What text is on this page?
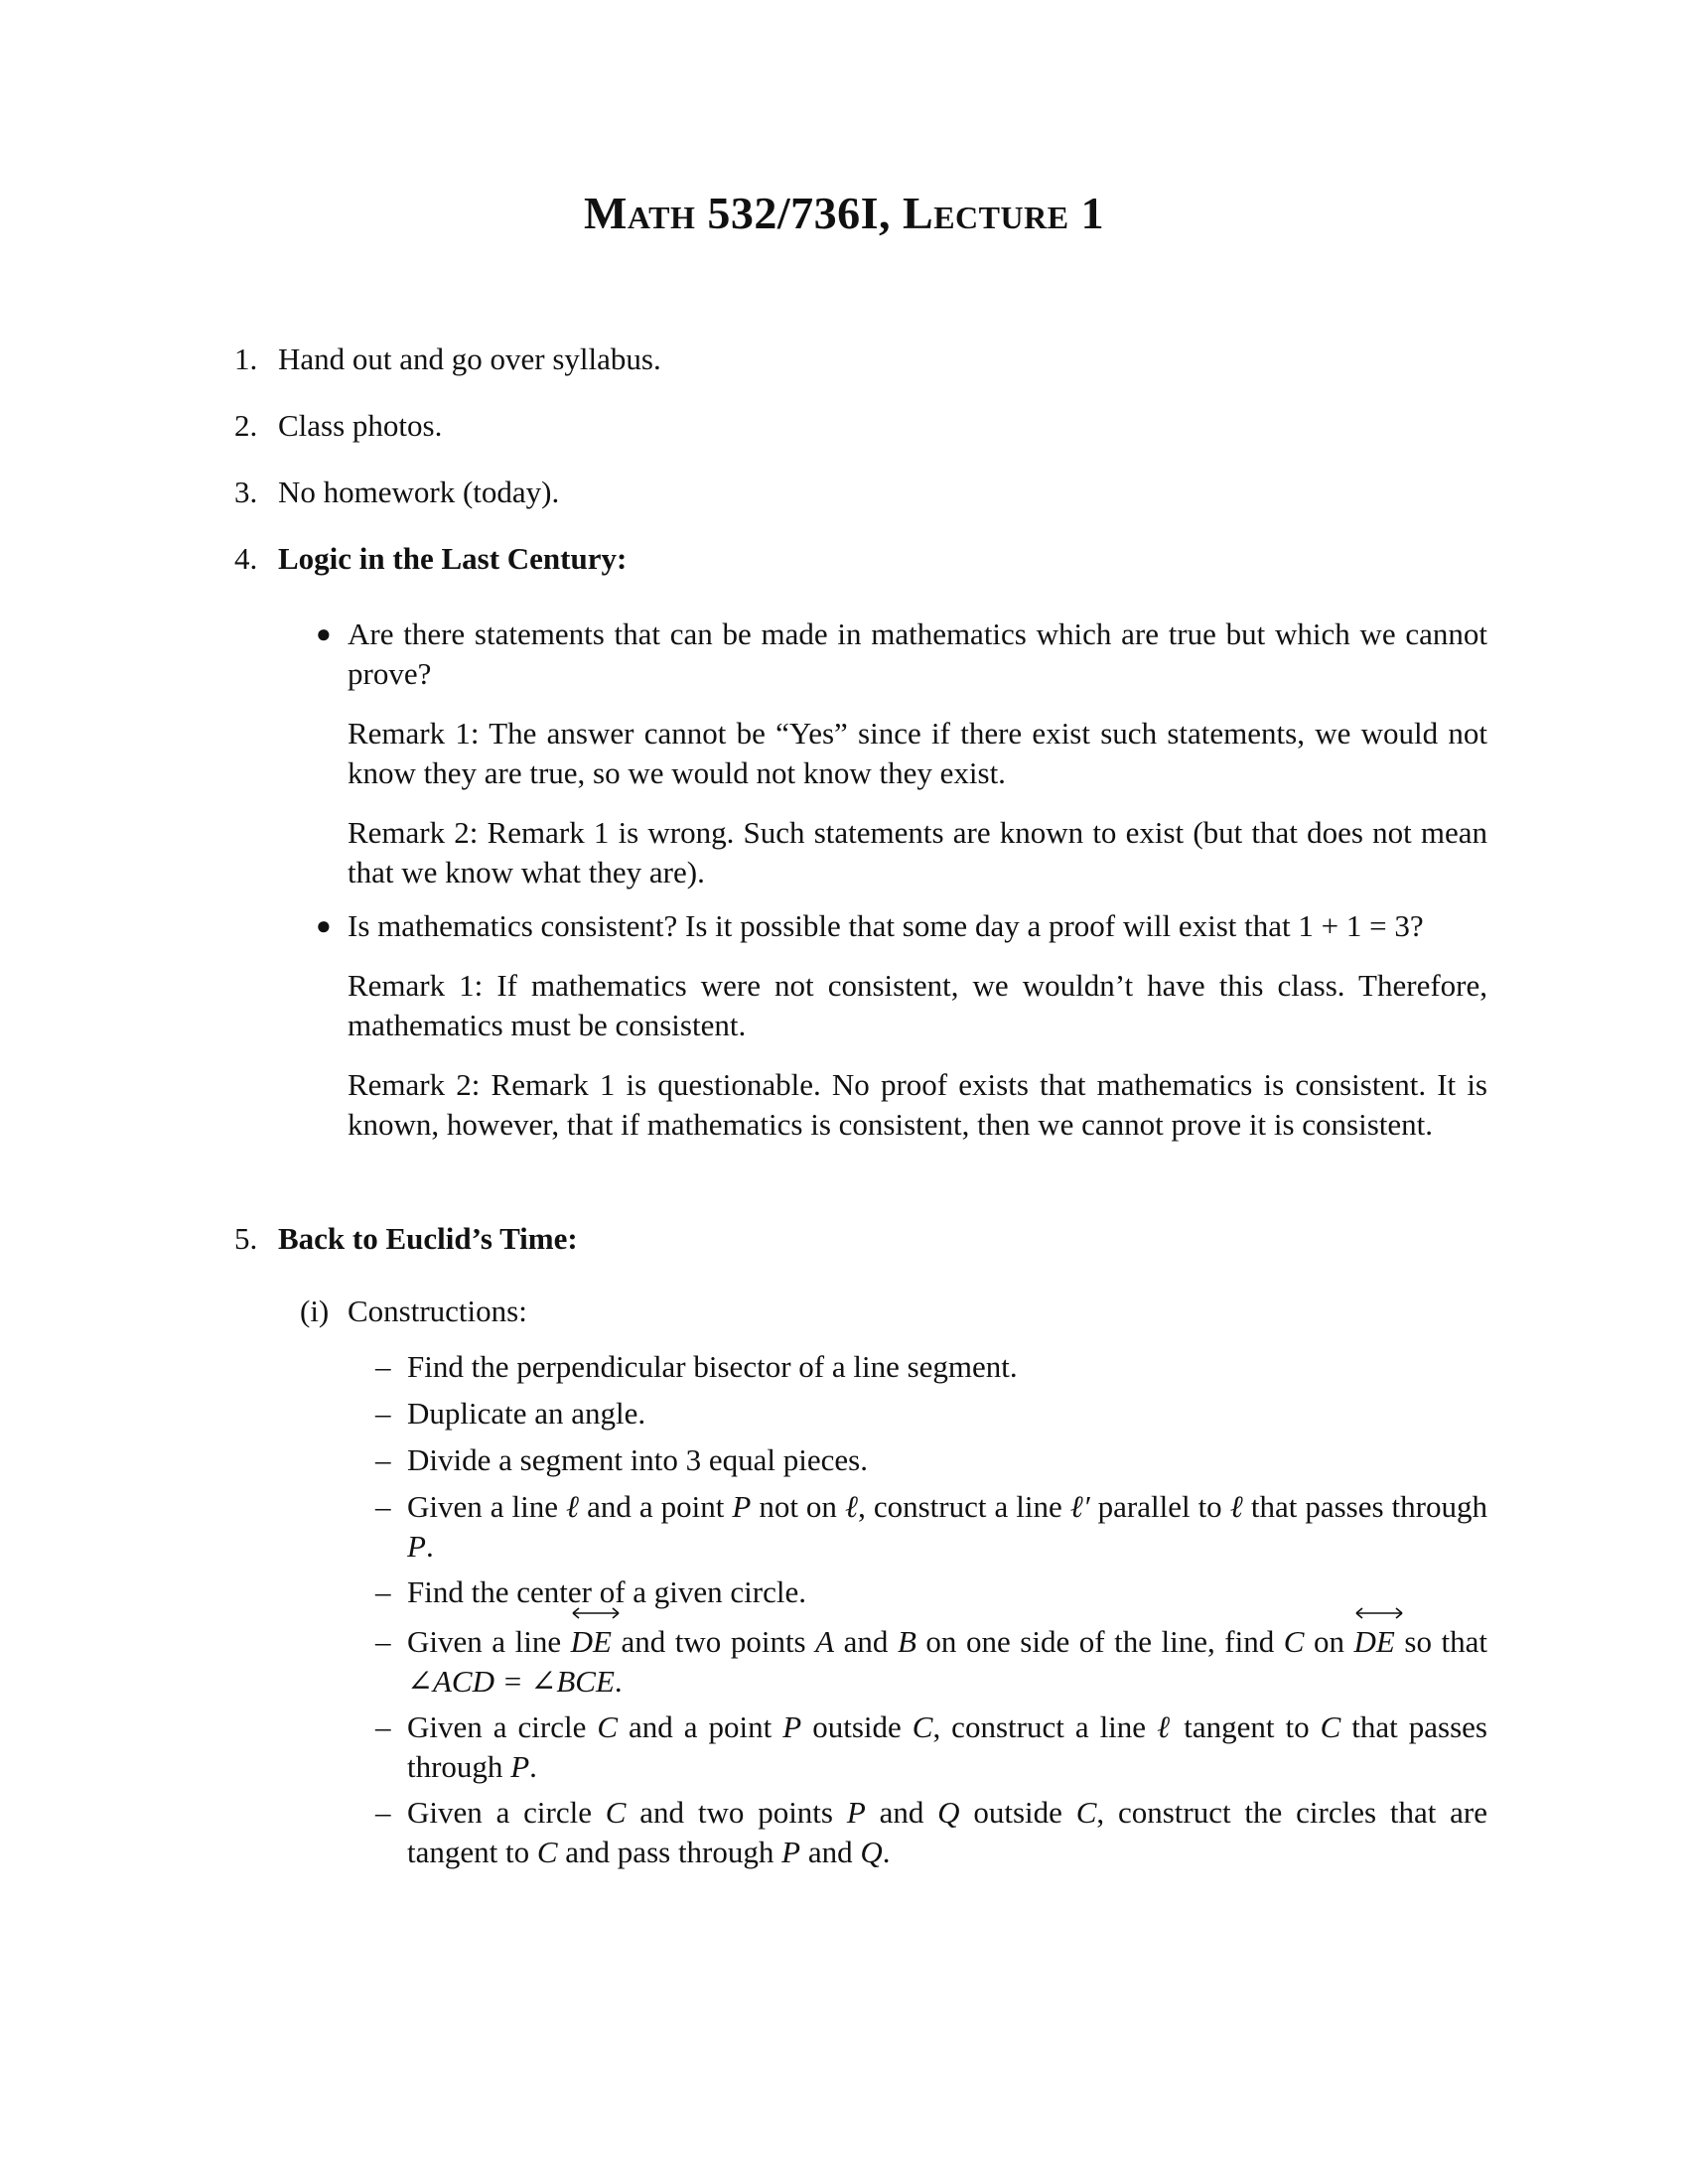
Math 532/736I, Lecture 1
1. Hand out and go over syllabus.
2. Class photos.
3. No homework (today).
4. Logic in the Last Century:
● Are there statements that can be made in mathematics which are true but which we cannot prove?
Remark 1: The answer cannot be “Yes” since if there exist such statements, we would not know they are true, so we would not know they exist.
Remark 2: Remark 1 is wrong. Such statements are known to exist (but that does not mean that we know what they are).
● Is mathematics consistent? Is it possible that some day a proof will exist that 1 + 1 = 3?
Remark 1: If mathematics were not consistent, we wouldn’t have this class. Therefore, mathematics must be consistent.
Remark 2: Remark 1 is questionable. No proof exists that mathematics is consistent. It is known, however, that if mathematics is consistent, then we cannot prove it is consistent.
5. Back to Euclid’s Time:
(i) Constructions:
– Find the perpendicular bisector of a line segment.
– Duplicate an angle.
– Divide a segment into 3 equal pieces.
– Given a line ℓ and a point P not on ℓ, construct a line ℓ′ parallel to ℓ that passes through P.
– Find the center of a given circle.
– Given a line
DE and two points A and B on one side of the line, find C on
DE so that ∠ACD = ∠BCE.
– Given a circle C and a point P outside C, construct a line ℓ tangent to C that passes through P.
– Given a circle C and two points P and Q outside C, construct the circles that are tangent to C and pass through P and Q.
